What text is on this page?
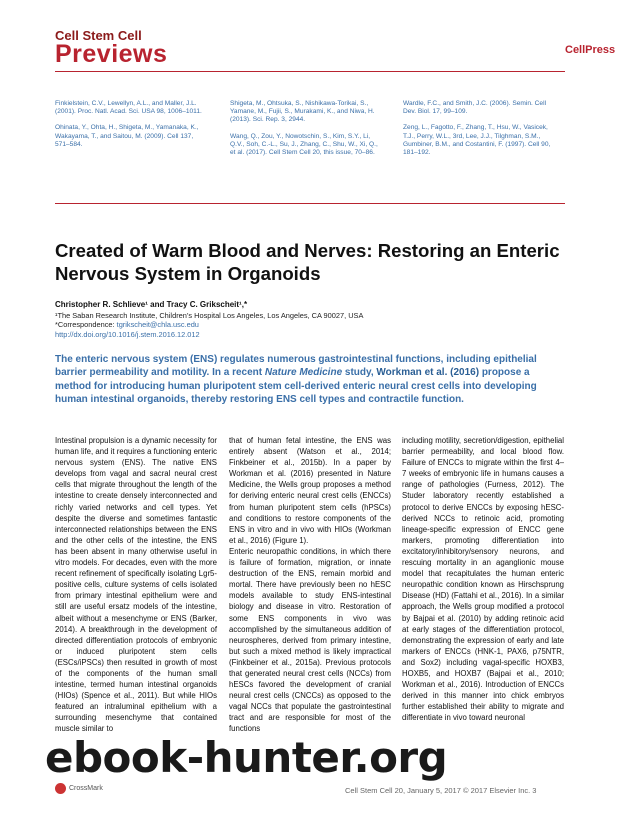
Cell Stem Cell
Previews	CellPress

Finkielstein, C.V., Lewellyn, A.L., and Maller, J.L. (2001). Proc. Natl. Acad. Sci. USA 98, 1006–1011.

Ohinata, Y., Ohta, H., Shigeta, M., Yamanaka, K., Wakayama, T., and Saitou, M. (2009). Cell 137, 571–584.

Shigeta, M., Ohtsuka, S., Nishikawa-Torikai, S., Yamane, M., Fujii, S., Murakami, K., and Niwa, H. (2013). Sci. Rep. 3, 2944.

Wang, Q., Zou, Y., Nowotschin, S., Kim, S.Y., Li, Q.V., Soh, C.-L., Su, J., Zhang, C., Shu, W., Xi, Q., et al. (2017). Cell Stem Cell 20, this issue, 70–86.

Wardle, F.C., and Smith, J.C. (2006). Semin. Cell Dev. Biol. 17, 99–109.

Zeng, L., Fagotto, F., Zhang, T., Hsu, W., Vasicek, T.J., Perry, W.L., 3rd, Lee, J.J., Tilghman, S.M., Gumbiner, B.M., and Costantini, F. (1997). Cell 90, 181–192.

Created of Warm Blood and Nerves: Restoring an Enteric Nervous System in Organoids
Christopher R. Schlieve¹ and Tracy C. Grikscheit¹,*
¹The Saban Research Institute, Children’s Hospital Los Angeles, Los Angeles, CA 90027, USA
*Correspondence: tgrikscheit@chla.usc.edu
http://dx.doi.org/10.1016/j.stem.2016.12.012
The enteric nervous system (ENS) regulates numerous gastrointestinal functions, including epithelial barrier permeability and motility. In a recent Nature Medicine study, Workman et al. (2016) propose a method for introducing human pluripotent stem cell-derived enteric neural crest cells into developing human intestinal organoids, thereby restoring ENS cell types and contractile function.

Intestinal propulsion is a dynamic necessity for human life, and it requires a functioning enteric nervous system (ENS). The native ENS develops from vagal and sacral neural crest cells that migrate throughout the length of the intestine to create densely interconnected and richly varied networks and cell types. Yet despite the diverse and sometimes fantastic interconnected relationships between the ENS and the other cells of the intestine, the ENS has been absent in many otherwise useful in vitro models. For decades, even with the more recent refinement of specifically isolating Lgr5-positive cells, culture systems of cells isolated from primary intestinal epithelium were and still are useful ersatz models of the intestine, albeit without a mesenchyme or ENS (Barker, 2014). A breakthrough in the development of directed differentiation protocols of embryonic or induced pluripotent stem cells (ESCs/iPSCs) then resulted in growth of most of the components of the human small intestine, termed human intestinal organoids (HIOs) (Spence et al., 2011). But while HIOs featured an intraluminal epithelium with a surrounding mesenchyme that contained muscle similar to

that of human fetal intestine, the ENS was entirely absent (Watson et al., 2014; Finkbeiner et al., 2015b). In a paper by Workman et al. (2016) presented in Nature Medicine, the Wells group proposes a method for deriving enteric neural crest cells (ENCCs) from human pluripotent stem cells (hPSCs) and conditions to restore components of the ENS in vitro and in vivo with HIOs (Workman et al., 2016) (Figure 1).
Enteric neuropathic conditions, in which there is failure of formation, migration, or innate destruction of the ENS, remain morbid and mortal. There have previously been no hESC models available to study ENS-intestinal biology and disease in vitro. Restoration of some ENS components in vivo was accomplished by the simultaneous addition of neurospheres, derived from primary intestine, but such a mixed method is likely impractical (Finkbeiner et al., 2015a). Previous protocols that generated neural crest cells (NCCs) from hESCs favored the development of cranial neural crest cells (CNCCs) as opposed to the vagal NCCs that populate the gastrointestinal tract and are responsible for most of the functions

including motility, secretion/digestion, epithelial barrier permeability, and local blood flow. Failure of ENCCs to migrate within the first 4–7 weeks of embryonic life in humans causes a range of pathologies (Furness, 2012). The Studer laboratory recently established a protocol to derive ENCCs by exposing hESC-derived NCCs to retinoic acid, promoting lineage-specific expression of ENCC gene markers, promoting differentiation into excitatory/inhibitory/sensory neurons, and rescuing mortality in an aganglionic mouse model that recapitulates the human enteric neuropathic condition known as Hirschsprung Disease (HD) (Fattahi et al., 2016). In a similar approach, the Wells group modified a protocol by Bajpai et al. (2010) by adding retinoic acid at early stages of the differentiation protocol, demonstrating the expression of early and late markers of ENCCs (HNK-1, PAX6, p75NTR, and Sox2) including vagal-specific HOXB3, HOXB5, and HOXB7 (Bajpai et al., 2010; Workman et al., 2016). Introduction of ENCCs derived in this manner into chick embryos further established their ability to migrate and differentiate in vivo toward neuronal

CrossMark	Cell Stem Cell 20, January 5, 2017 © 2017 Elsevier Inc. 3
ebook-hunter.org
